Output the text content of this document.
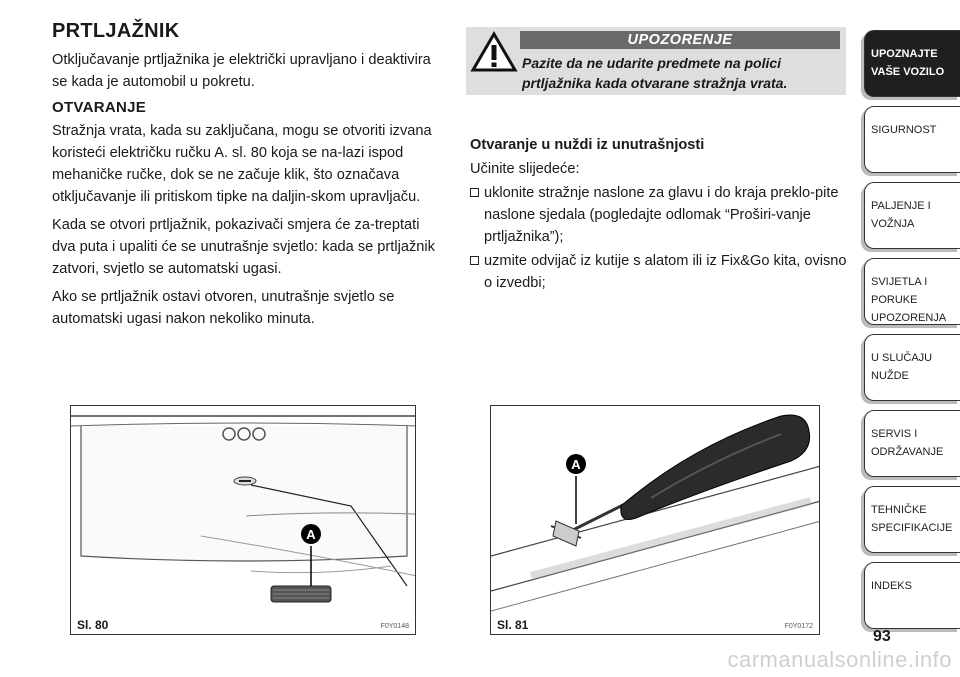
PRTLJAŽNIK

Otključavanje prtljažnika je električki upravljano i deaktivira se kada je automobil u pokretu.

OTVARANJE

Stražnja vrata, kada su zaključana, mogu se otvoriti izvana koristeći električku ručku A. sl. 80 koja se na-lazi ispod mehaničke ručke, dok se ne začuje klik, što označava otključavanje ili pritiskom tipke na daljin-skom upravljaču.

Kada se otvori prtljažnik, pokazivači smjera će za-treptati dva puta i upaliti će se unutrašnje svjetlo: kada se prtljažnik zatvori, svjetlo se automatski ugasi.

Ako se prtljažnik ostavi otvoren, unutrašnje svjetlo se automatski ugasi nakon nekoliko minuta.

UPOZORENJE
Pazite da ne udarite predmete na polici prtljažnika kada otvarane stražnja vrata.
Otvaranje u nuždi iz unutrašnjosti
Učinite slijedeće:
uklonite stražnje naslone za glavu i do kraja preklo-pite naslone sjedala (pogledajte odlomak “Proširi-vanje prtljažnika”);
uzmite odvijač iz kutije s alatom ili iz Fix&Go kita, ovisno o izvedbi;
A
Sl. 80	F0Y0148
A
Sl. 81	F0Y0172
UPOZNAJTE
VAŠE VOZILO
SIGURNOST
PALJENJE I
VOŽNJA
SVIJETLA I PORUKE
UPOZORENJA
U SLUČAJU
NUŽDE
SERVIS I
ODRŽAVANJE
TEHNIČKE
SPECIFIKACIJE
INDEKS
93
carmanualsonline.info
